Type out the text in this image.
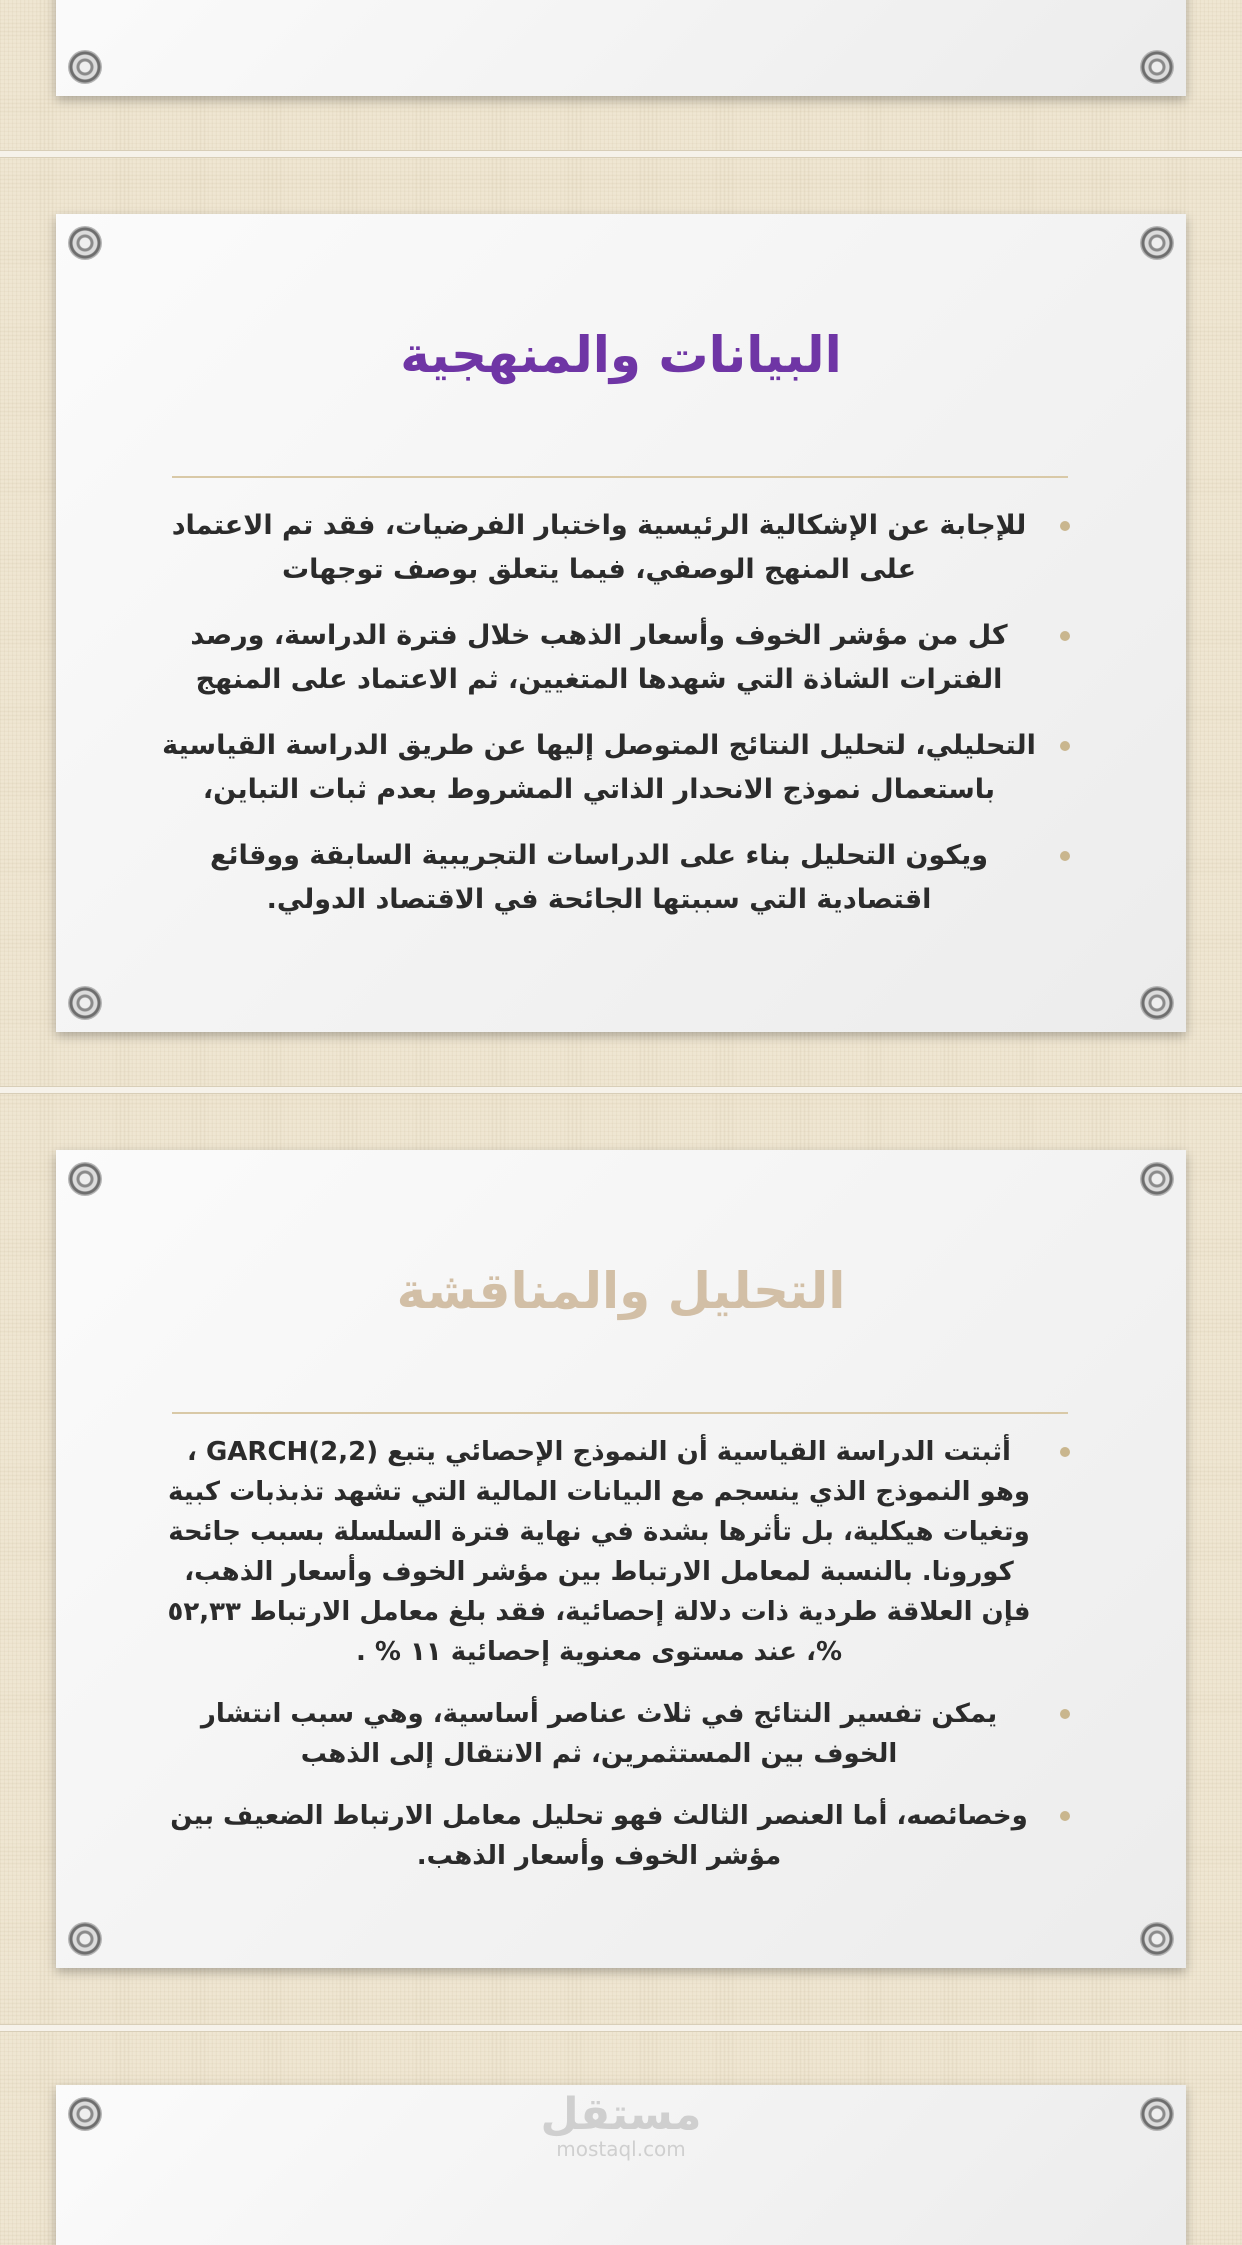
البيانات والمنهجية
للإجابة عن الإشكالية الرئيسية واختبار الفرضيات، فقد تم الاعتماد على المنهج الوصفي، فيما يتعلق بوصف توجهات
كل من مؤشر الخوف وأسعار الذهب خلال فترة الدراسة، ورصد الفترات الشاذة التي شهدها المتغيين، ثم الاعتماد على المنهج
التحليلي، لتحليل النتائج المتوصل إليها عن طريق الدراسة القياسية باستعمال نموذج الانحدار الذاتي المشروط بعدم ثبات التباين،
ويكون التحليل بناء على الدراسات التجريبية السابقة ووقائع اقتصادية التي سببتها الجائحة في الاقتصاد الدولي.
التحليل والمناقشة
أثبتت الدراسة القياسية أن النموذج الإحصائي يتبع GARCH(2,2) ، وهو النموذج الذي ينسجم مع البيانات المالية التي تشهد تذبذبات كبية وتغيات هيكلية، بل تأثرها بشدة في نهاية فترة السلسلة بسبب جائحة كورونا. بالنسبة لمعامل الارتباط بين مؤشر الخوف وأسعار الذهب، فإن العلاقة طردية ذات دلالة إحصائية، فقد بلغ معامل الارتباط ٥٢,٣٣ %، عند مستوى معنوية إحصائية ١١ % .
يمكن تفسير النتائج في ثلاث عناصر أساسية، وهي سبب انتشار الخوف بين المستثمرين، ثم الانتقال إلى الذهب
وخصائصه، أما العنصر الثالث فهو تحليل معامل الارتباط الضعيف بين مؤشر الخوف وأسعار الذهب.
مستقل
mostaql.com
